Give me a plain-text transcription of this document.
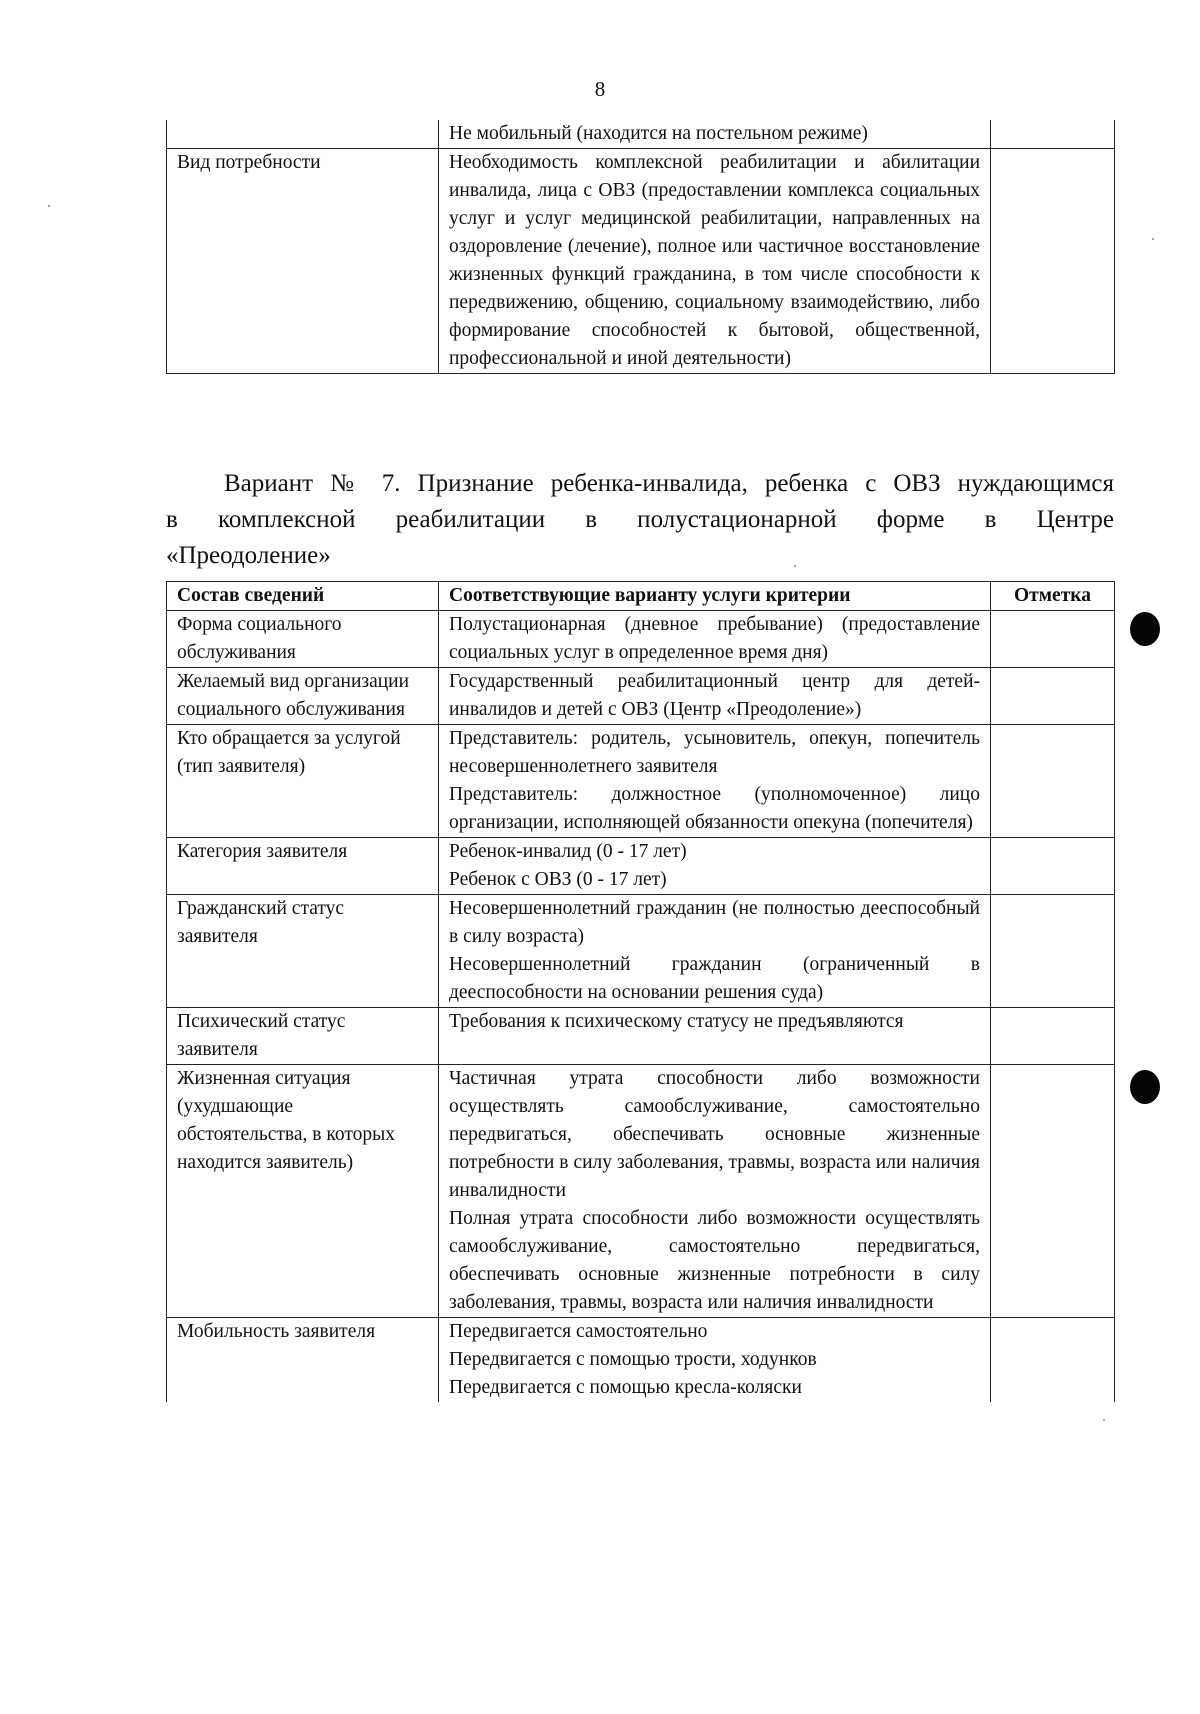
8

	Не мобильный (находится на постельном режиме)	

Вид потребности	Необходимость комплексной реабилитации и абилитации инвалида, лица с ОВЗ (предоставлении комплекса социальных услуг и услуг медицинской реабилитации, направленных на оздоровление (лечение), полное или частичное восстановление жизненных функций гражданина, в том числе способности к передвижению, общению, социальному взаимодействию, либо формирование способностей к бытовой, общественной, профессиональной и иной деятельности)	

Вариант № 7. Признание ребенка-инвалида, ребенка с ОВЗ нуждающимся
в комплексной реабилитации в полустационарной форме в Центре
«Преодоление»
Состав сведений	Соответствующие варианту услуги критерии	Отметка
Форма социального обслуживания	Полустационарная (дневное пребывание) (предоставление социальных услуг в определенное время дня)	

Желаемый вид организации социального обслуживания	Государственный реабилитационный центр для детей-инвалидов и детей с ОВЗ (Центр «Преодоление»)	

Кто обращается за услугой (тип заявителя)	Представитель: родитель, усыновитель, опекун, попечитель несовершеннолетнего заявителя
Представитель: должностное (уполномоченное) лицо организации, исполняющей обязанности опекуна (попечителя)	

Категория заявителя	Ребенок-инвалид (0 - 17 лет)
Ребенок с ОВЗ (0 - 17 лет)	

Гражданский статус заявителя	Несовершеннолетний гражданин (не полностью дееспособный в силу возраста)
Несовершеннолетний гражданин (ограниченный в дееспособности на основании решения суда)	

Психический статус заявителя	Требования к психическому статусу не предъявляются	

Жизненная ситуация (ухудшающие обстоятельства, в которых находится заявитель)	Частичная утрата способности либо возможности осуществлять самообслуживание, самостоятельно передвигаться, обеспечивать основные жизненные потребности в силу заболевания, травмы, возраста или наличия инвалидности
Полная утрата способности либо возможности осуществлять самообслуживание, самостоятельно передвигаться, обеспечивать основные жизненные потребности в силу заболевания, травмы, возраста или наличия инвалидности	

Мобильность заявителя	Передвигается самостоятельно
Передвигается с помощью трости, ходунков
Передвигается с помощью кресла-коляски	
